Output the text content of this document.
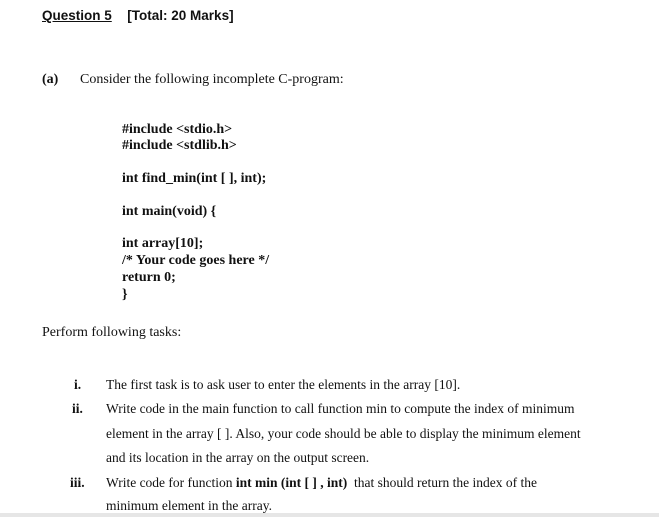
Question 5 [Total: 20 Marks]
(a) Consider the following incomplete C-program:
#include <stdio.h>
#include <stdlib.h>
int find_min(int [ ], int);
int main(void) {
int array[10];
/* Your code goes here */
return 0;
}
Perform following tasks:
i. The first task is to ask user to enter the elements in the array [10].
ii. Write code in the main function to call function min to compute the index of minimum
element in the array [ ]. Also, your code should be able to display the minimum element
and its location in the array on the output screen.
iii. Write code for function int min (int [ ] , int)  that should return the index of the
minimum element in the array.
